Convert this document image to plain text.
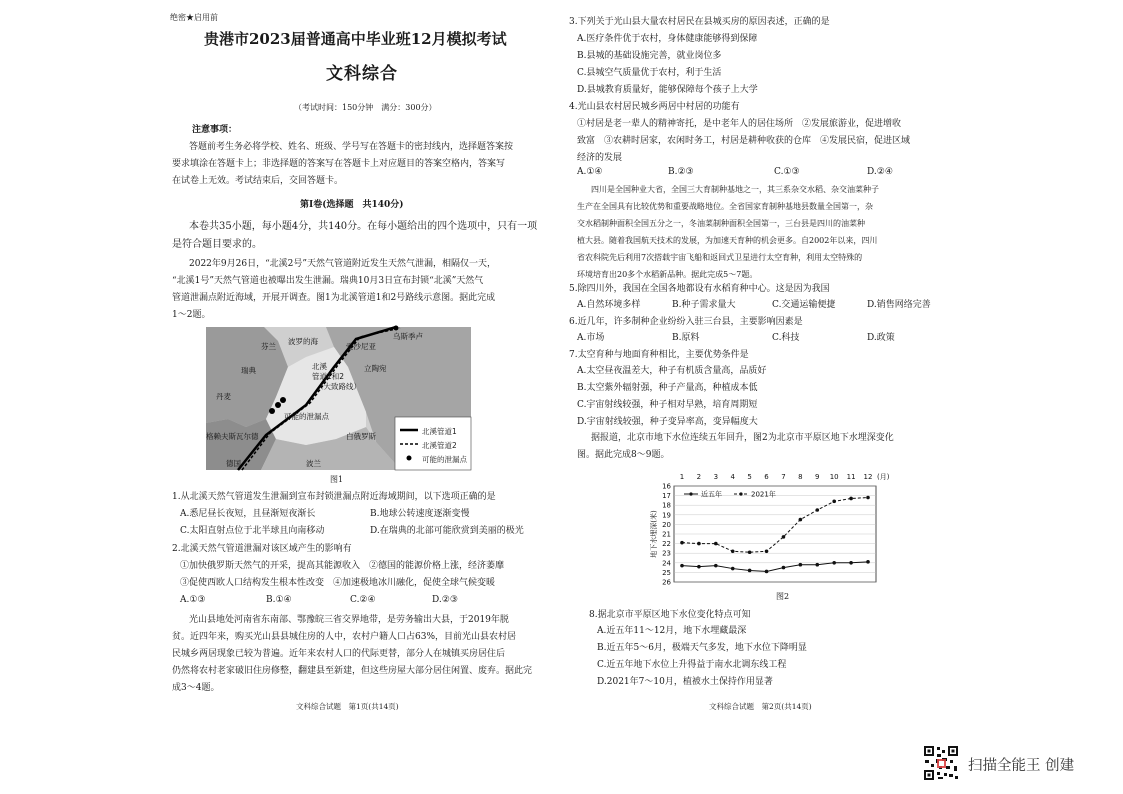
绝密★启用前
贵港市2023届普通高中毕业班12月模拟考试
文科综合
（考试时间：150分钟　满分：300分）
注意事项：
答题前考生务必将学校、姓名、班级、学号写在答题卡的密封线内，选择题答案按
要求填涂在答题卡上；非选择题的答案写在答题卡上对应题目的答案空格内，答案写
在试卷上无效。考试结束后，交回答题卡。
第Ⅰ卷(选择题　共140分)
本卷共35小题，每小题4分，共140分。在每小题给出的四个选项中，只有一项
是符合题目要求的。
2022年9月26日，“北溪2号”天然气管道附近发生天然气泄漏，相隔仅一天，
“北溪1号”天然气管道也被曝出发生泄漏。瑞典10月3日宣布封锁“北溪”天然气
管道泄漏点附近海域，开展开调查。图1为北溪管道1和2号路线示意图。据此完成
1～2题。
芬兰
波罗的海
爱沙尼亚
乌斯季卢
北溪
管道1和2
（大致路线）
瑞典	立陶宛
丹麦
可能的泄漏点
格赖夫斯瓦尔德	白俄罗斯
德国	波兰
北溪管道1
北溪管道2
可能的泄漏点
图1
1.从北溪天然气管道发生泄漏到宣布封锁泄漏点附近海域期间，以下选项正确的是
A.悉尼昼长夜短，且昼渐短夜渐长	B.地球公转速度逐渐变慢
C.太阳直射点位于北半球且向南移动	D.在瑞典的北部可能欣赏到美丽的极光
2.北溪天然气管道泄漏对该区域产生的影响有
①加快俄罗斯天然气的开采，提高其能源收入　②德国的能源价格上涨，经济萎靡
③促使西欧人口结构发生根本性改变　④加速极地冰川融化，促使全球气候变暖
A.①③	B.①④	C.②④	D.②③
光山县地处河南省东南部、鄂豫皖三省交界地带，是劳务输出大县，于2019年脱
贫。近四年来，购买光山县县城住房的人中，农村户籍人口占63%，目前光山县农村居
民城乡两居现象已较为普遍。近年来农村人口的代际更替，部分人在城镇买房居住后
仍然将农村老家破旧住房修整，翻建县至新建，但这些房屋大部分居住闲置、废弃。据此完
成3～4题。
文科综合试题　第1页(共14页)
3.下列关于光山县大量农村居民在县城买房的原因表述，正确的是
A.医疗条件优于农村，身体健康能够得到保障
B.县城的基础设施完善，就业岗位多
C.县城空气质量优于农村，利于生活
D.县城教育质量好，能够保障每个孩子上大学
4.光山县农村居民城乡两居中村居的功能有
①村居是老一辈人的精神寄托，是中老年人的居住场所　②发展旅游业，促进增收
致富　③农耕时居家，农闲时务工，村居是耕种收获的仓库　④发展民宿，促进区域
经济的发展
A.①④	B.②③	C.①③	D.②④
四川是全国种业大省，全国三大育制种基地之一，其三系杂交水稻、杂交油菜种子
生产在全国具有比较优势和重要战略地位。全省国家育制种基地县数量全国第一，杂
交水稻制种面积全国五分之一，冬油菜制种面积全国第一，三台县是四川的油菜种
植大县。随着我国航天技术的发展，为加速天育种的机会更多。自2002年以来，四川
省农科院先后利用7次搭载宇宙飞船和返回式卫星进行太空育种，利用太空特殊的
环境培育出20多个水稻新品种。据此完成5～7题。
5.除四川外，我国在全国各地都设有水稻育种中心。这是因为我国
A.自然环境多样	B.种子需求量大	C.交通运输便捷	D.销售网络完善
6.近几年，许多制种企业纷纷入驻三台县，主要影响因素是
A.市场	B.原料	C.科技	D.政策
7.太空育种与地面育种相比，主要优势条件是
A.太空昼夜温差大，种子有机质含量高，品质好
B.太空紫外辐射强，种子产量高，种植成本低
C.宇宙射线较强，种子相对早熟，培育周期短
D.宇宙射线较强，种子变异率高，变异幅度大
据报道，北京市地下水位连续五年回升，图2为北京市平原区地下水埋深变化
图。据此完成8～9题。
16
17
18
19
20
21
22
23
24
25
26
1 2 3 4 5 6 7 8 9 10 11 12 (月)
地下水埋深(米)
近五年	2021年
图2
8.据北京市平原区地下水位变化特点可知
A.近五年11～12月，地下水埋藏最深
B.近五年5～6月，极端天气多发，地下水位下降明显
C.近五年地下水位上升得益于南水北调东线工程
D.2021年7～10月，植被水土保持作用显著
文科综合试题　第2页(共14页)
扫描全能王 创建
